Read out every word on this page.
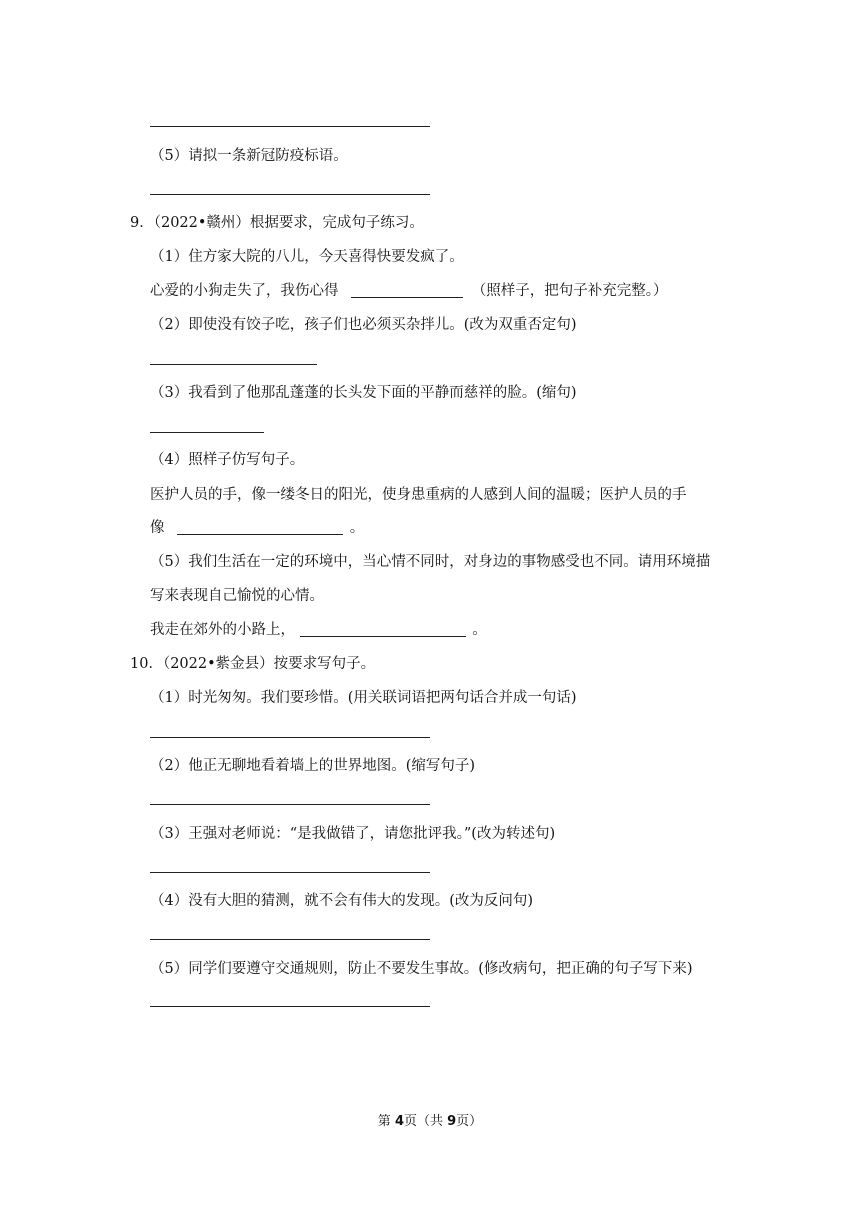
（5）请拟一条新冠防疫标语。
9．（2022•赣州）根据要求，完成句子练习。
（1）住方家大院的八儿，今天喜得快要发疯了。
心爱的小狗走失了，我伤心得	（照样子，把句子补充完整。）
（2）即使没有饺子吃，孩子们也必须买杂拌儿。(改为双重否定句)
（3）我看到了他那乱蓬蓬的长头发下面的平静而慈祥的脸。(缩句)
（4）照样子仿写句子。
医护人员的手，像一缕冬日的阳光，使身患重病的人感到人间的温暖；医护人员的手
像	。
（5）我们生活在一定的环境中，当心情不同时，对身边的事物感受也不同。请用环境描
写来表现自己愉悦的心情。
我走在郊外的小路上，	。
10．（2022•紫金县）按要求写句子。
（1）时光匆匆。我们要珍惜。(用关联词语把两句话合并成一句话)
（2）他正无聊地看着墙上的世界地图。(缩写句子)
（3）王强对老师说：“是我做错了，请您批评我。”(改为转述句)
（4）没有大胆的猜测，就不会有伟大的发现。(改为反问句)
（5）同学们要遵守交通规则，防止不要发生事故。(修改病句，把正确的句子写下来)
第 4页（共 9页）
